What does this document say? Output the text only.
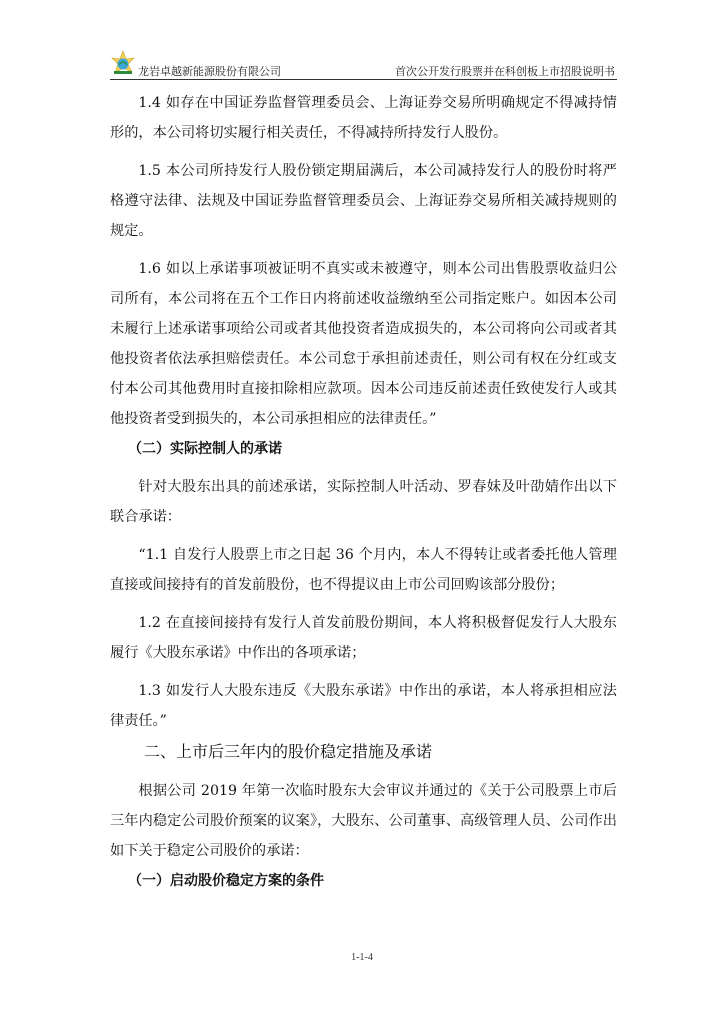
龙岩卓越新能源股份有限公司	首次公开发行股票并在科创板上市招股说明书

1.4 如存在中国证券监督管理委员会、上海证券交易所明确规定不得减持情形的，本公司将切实履行相关责任，不得减持所持发行人股份。

1.5 本公司所持发行人股份锁定期届满后，本公司减持发行人的股份时将严格遵守法律、法规及中国证券监督管理委员会、上海证券交易所相关减持规则的规定。

1.6 如以上承诺事项被证明不真实或未被遵守，则本公司出售股票收益归公司所有，本公司将在五个工作日内将前述收益缴纳至公司指定账户。如因本公司未履行上述承诺事项给公司或者其他投资者造成损失的，本公司将向公司或者其他投资者依法承担赔偿责任。本公司怠于承担前述责任，则公司有权在分红或支付本公司其他费用时直接扣除相应款项。因本公司违反前述责任致使发行人或其他投资者受到损失的，本公司承担相应的法律责任。”

（二）实际控制人的承诺

针对大股东出具的前述承诺，实际控制人叶活动、罗春妹及叶劭婧作出以下联合承诺：

“1.1 自发行人股票上市之日起 36 个月内，本人不得转让或者委托他人管理直接或间接持有的首发前股份，也不得提议由上市公司回购该部分股份；

1.2 在直接间接持有发行人首发前股份期间，本人将积极督促发行人大股东履行《大股东承诺》中作出的各项承诺；

1.3 如发行人大股东违反《大股东承诺》中作出的承诺，本人将承担相应法律责任。”

二、上市后三年内的股价稳定措施及承诺

根据公司 2019 年第一次临时股东大会审议并通过的《关于公司股票上市后三年内稳定公司股价预案的议案》，大股东、公司董事、高级管理人员、公司作出如下关于稳定公司股价的承诺：

（一）启动股价稳定方案的条件

1-1-4
